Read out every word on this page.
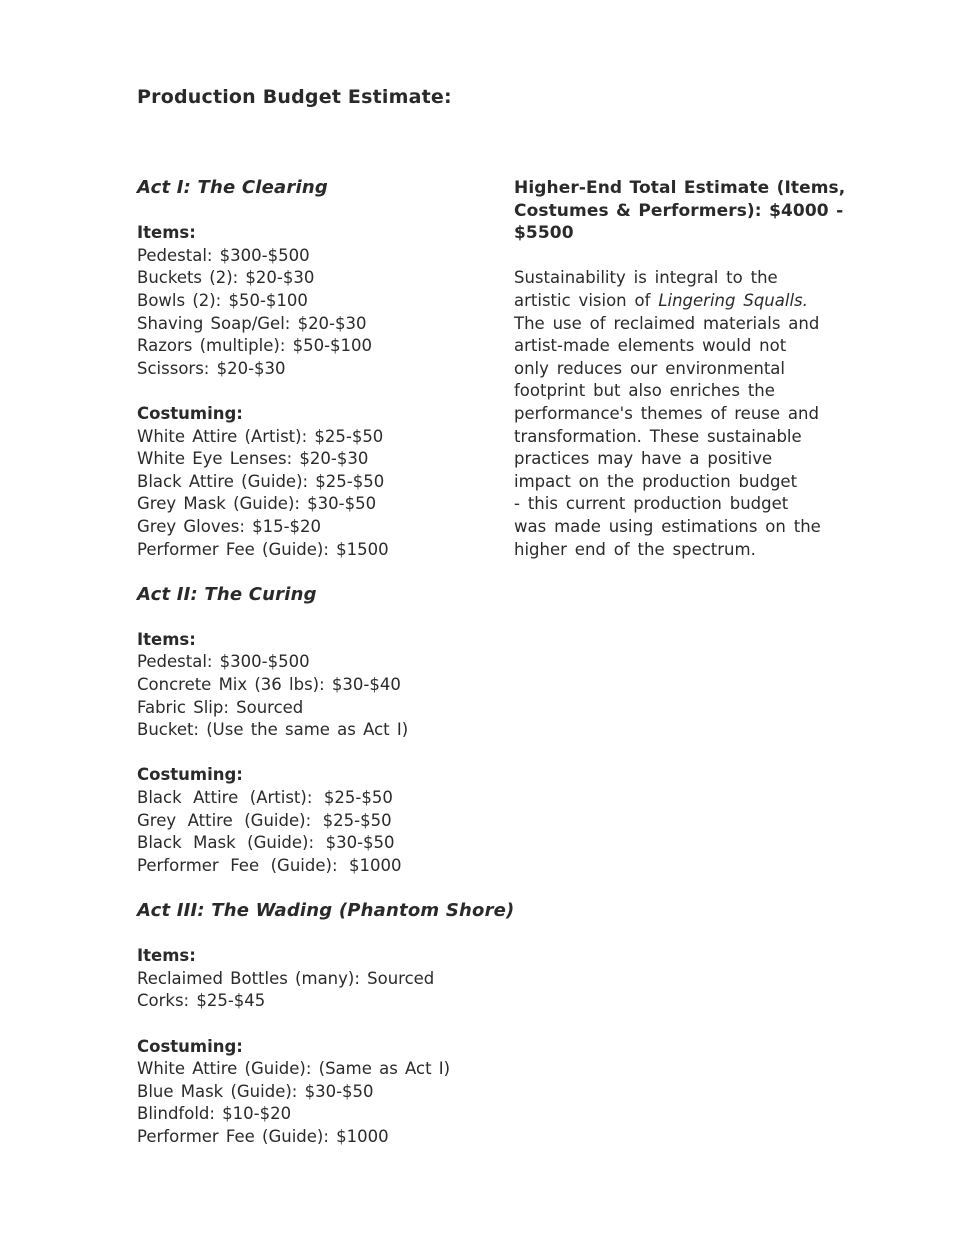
Production Budget Estimate:
Act I: The Clearing
Items:
Pedestal: $300-$500
Buckets (2): $20-$30
Bowls (2): $50-$100
Shaving Soap/Gel: $20-$30
Razors (multiple): $50-$100
Scissors: $20-$30
Costuming:
White Attire (Artist): $25-$50
White Eye Lenses: $20-$30
Black Attire (Guide): $25-$50
Grey Mask (Guide): $30-$50
Grey Gloves: $15-$20
Performer Fee (Guide): $1500
Act II: The Curing
Items:
Pedestal: $300-$500
Concrete Mix (36 lbs): $30-$40
Fabric Slip: Sourced
Bucket: (Use the same as Act I)
Costuming:
Black Attire (Artist): $25-$50
Grey Attire (Guide): $25-$50
Black Mask (Guide): $30-$50
Performer Fee (Guide): $1000
Act III: The Wading (Phantom Shore)
Items:
Reclaimed Bottles (many): Sourced
Corks: $25-$45
Costuming:
White Attire (Guide): (Same as Act I)
Blue Mask (Guide): $30-$50
Blindfold: $10-$20
Performer Fee (Guide): $1000
Higher-End Total Estimate (Items,
Costumes & Performers): $4000 -
$5500
Sustainability is integral to the
artistic vision of Lingering Squalls.
The use of reclaimed materials and
artist-made elements would not
only reduces our environmental
footprint but also enriches the
performance's themes of reuse and
transformation. These sustainable
practices may have a positive
impact on the production budget
- this current production budget
was made using estimations on the
higher end of the spectrum.
